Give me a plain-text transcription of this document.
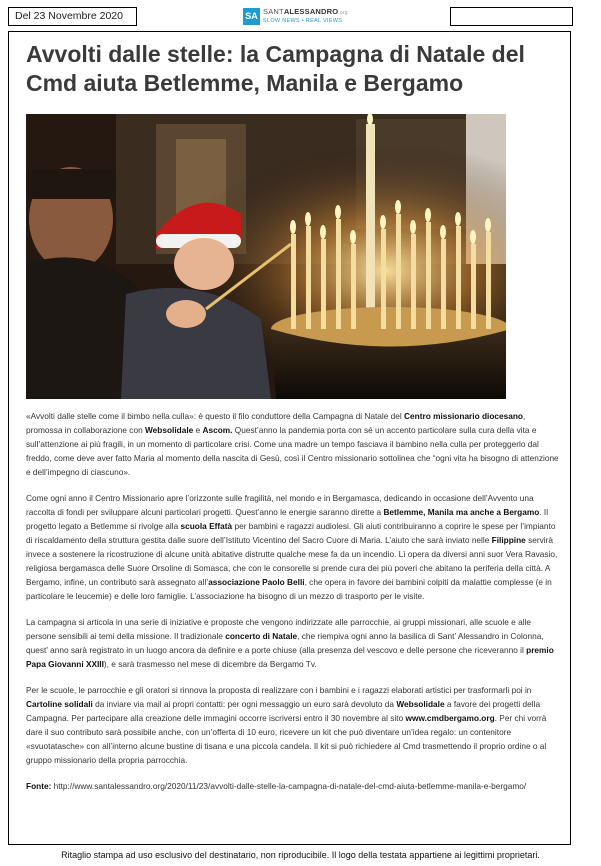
Del 23 Novembre 2020	SA SANTALESSANDRO.org
SLOW NEWS • REAL VIEWS
Avvolti dalle stelle: la Campagna di Natale del Cmd aiuta Betlemme, Manila e Bergamo

«Avvolti dalle stelle come il bimbo nella culla»: è questo il filo conduttore della Campagna di Natale del Centro missionario diocesano, promossa in collaborazione con Websolidale e Ascom. Quest’anno la pandemia porta con sé un accento particolare sulla cura della vita e sull’attenzione ai più fragili, in un momento di particolare crisi. Come una madre un tempo fasciava il bambino nella culla per proteggerlo dal freddo, come deve aver fatto Maria al momento della nascita di Gesù, così il Centro missionario sottolinea che “ogni vita ha bisogno di attenzione e dell’impegno di ciascuno».

Come ogni anno il Centro Missionario apre l’orizzonte sulle fragilità, nel mondo e in Bergamasca, dedicando in occasione dell’Avvento una raccolta di fondi per sviluppare alcuni particolari progetti. Quest’anno le energie saranno dirette a Betlemme, Manila ma anche a Bergamo. Il progetto legato a Betlemme si rivolge alla scuola Effatà per bambini e ragazzi audiolesi. Gli aiuti contribuiranno a coprire le spese per l’impianto di riscaldamento della struttura gestita dalle suore dell’Istituto Vicentino del Sacro Cuore di Maria. L’aiuto che sarà inviato nelle Filippine servirà invece a sostenere la ricostruzione di alcune unità abitative distrutte qualche mese fa da un incendio. Lì opera da diversi anni suor Vera Ravasio, religiosa bergamasca delle Suore Orsoline di Somasca, che con le consorelle si prende cura dei più poveri che abitano la periferia della città. A Bergamo, infine, un contributo sarà assegnato all’associazione Paolo Belli, che opera in favore dei bambini colpiti da malattie complesse (e in particolare le leucemie) e delle loro famiglie. L’associazione ha bisogno di un mezzo di trasporto per le visite.

La campagna si articola in una serie di iniziative e proposte che vengono indirizzate alle parrocchie, ai gruppi missionari, alle scuole e alle persone sensibili ai temi della missione. Il tradizionale concerto di Natale, che riempiva ogni anno la basilica di Sant’ Alessandro in Colonna, quest’ anno sarà registrato in un luogo ancora da definire e a porte chiuse (alla presenza del vescovo e delle persone che riceveranno il premio Papa Giovanni XXIII), e sarà trasmesso nel mese di dicembre da Bergamo Tv.

Per le scuole, le parrocchie e gli oratori si rinnova la proposta di realizzare con i bambini e i ragazzi elaborati artistici per trasformarli poi in Cartoline solidali da inviare via mail ai propri contatti: per ogni messaggio un euro sarà devoluto da Websolidale a favore dei progetti della Campagna. Per partecipare alla creazione delle immagini occorre iscriversi entro il 30 novembre al sito www.cmdbergamo.org. Per chi vorrà dare il suo contributo sarà possibile anche, con un’offerta di 10 euro, ricevere un kit che può diventare un’idea regalo: un contenitore «svuotatasche» con all’interno alcune bustine di tisana e una piccola candela. Il kit si può richiedere al Cmd trasmettendo il proprio ordine o al gruppo missionario della propria parrocchia.

Fonte: http://www.santalessandro.org/2020/11/23/avvolti-dalle-stelle-la-campagna-di-natale-del-cmd-aiuta-betlemme-manila-e-bergamo/

Ritaglio stampa ad uso esclusivo del destinatario, non riproducibile. Il logo della testata appartiene ai legittimi proprietari.
